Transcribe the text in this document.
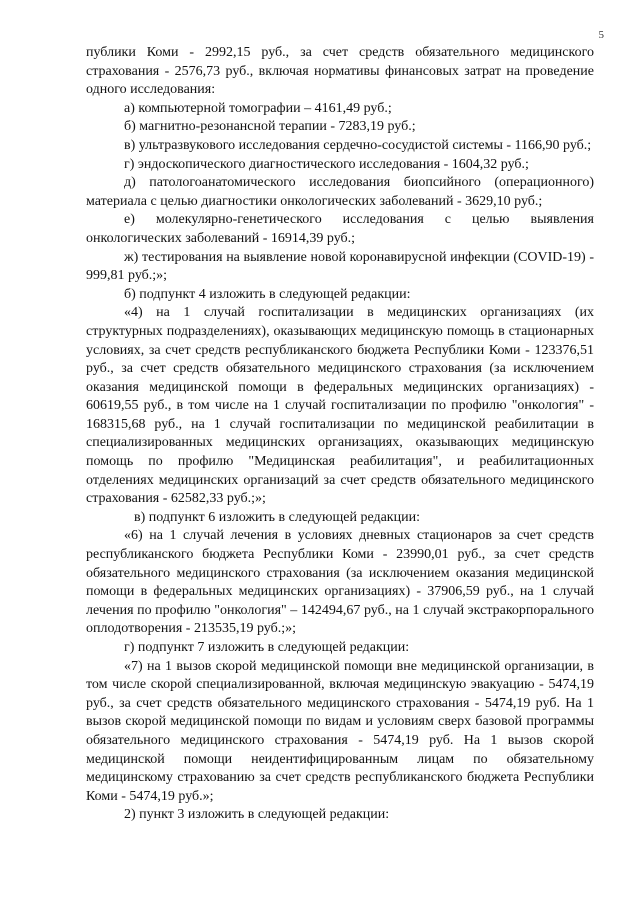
5

публики Коми - 2992,15 руб., за счет средств обязательного медицинского страхования - 2576,73 руб., включая нормативы финансовых затрат на проведение одного исследования:

а) компьютерной томографии – 4161,49 руб.;

б) магнитно-резонансной терапии - 7283,19 руб.;

в) ультразвукового исследования сердечно-сосудистой системы - 1166,90 руб.;

г) эндоскопического диагностического исследования - 1604,32 руб.;

д) патологоанатомического исследования биопсийного (операционного) материала с целью диагностики онкологических заболеваний - 3629,10 руб.;

е) молекулярно-генетического исследования с целью выявления онкологических заболеваний - 16914,39 руб.;

ж) тестирования на выявление новой коронавирусной инфекции (COVID-19) - 999,81 руб.;»;

б) подпункт 4 изложить в следующей редакции:

«4) на 1 случай госпитализации в медицинских организациях (их структурных подразделениях), оказывающих медицинскую помощь в стационарных условиях, за счет средств республиканского бюджета Республики Коми - 123376,51 руб., за счет средств обязательного медицинского страхования (за исключением оказания медицинской помощи в федеральных медицинских организациях) - 60619,55 руб., в том числе на 1 случай госпитализации по профилю "онкология" - 168315,68 руб., на 1 случай госпитализации по медицинской реабилитации в специализированных медицинских организациях, оказывающих медицинскую помощь по профилю "Медицинская реабилитация", и реабилитационных отделениях медицинских организаций за счет средств обязательного медицинского страхования - 62582,33 руб.;»;

в) подпункт 6 изложить в следующей редакции:

«6) на 1 случай лечения в условиях дневных стационаров за счет средств республиканского бюджета Республики Коми - 23990,01 руб., за счет средств обязательного медицинского страхования (за исключением оказания медицинской помощи в федеральных медицинских организациях) - 37906,59 руб., на 1 случай лечения по профилю "онкология" – 142494,67 руб., на 1 случай экстракорпорального оплодотворения - 213535,19 руб.;»;

г) подпункт 7 изложить в следующей редакции:

«7) на 1 вызов скорой медицинской помощи вне медицинской организации, в том числе скорой специализированной, включая медицинскую эвакуацию - 5474,19 руб., за счет средств обязательного медицинского страхования - 5474,19 руб. На 1 вызов скорой медицинской помощи по видам и условиям сверх базовой программы обязательного медицинского страхования - 5474,19 руб. На 1 вызов скорой медицинской помощи неидентифицированным лицам по обязательному медицинскому страхованию за счет средств республиканского бюджета Республики Коми - 5474,19 руб.»;

2) пункт 3 изложить в следующей редакции:
